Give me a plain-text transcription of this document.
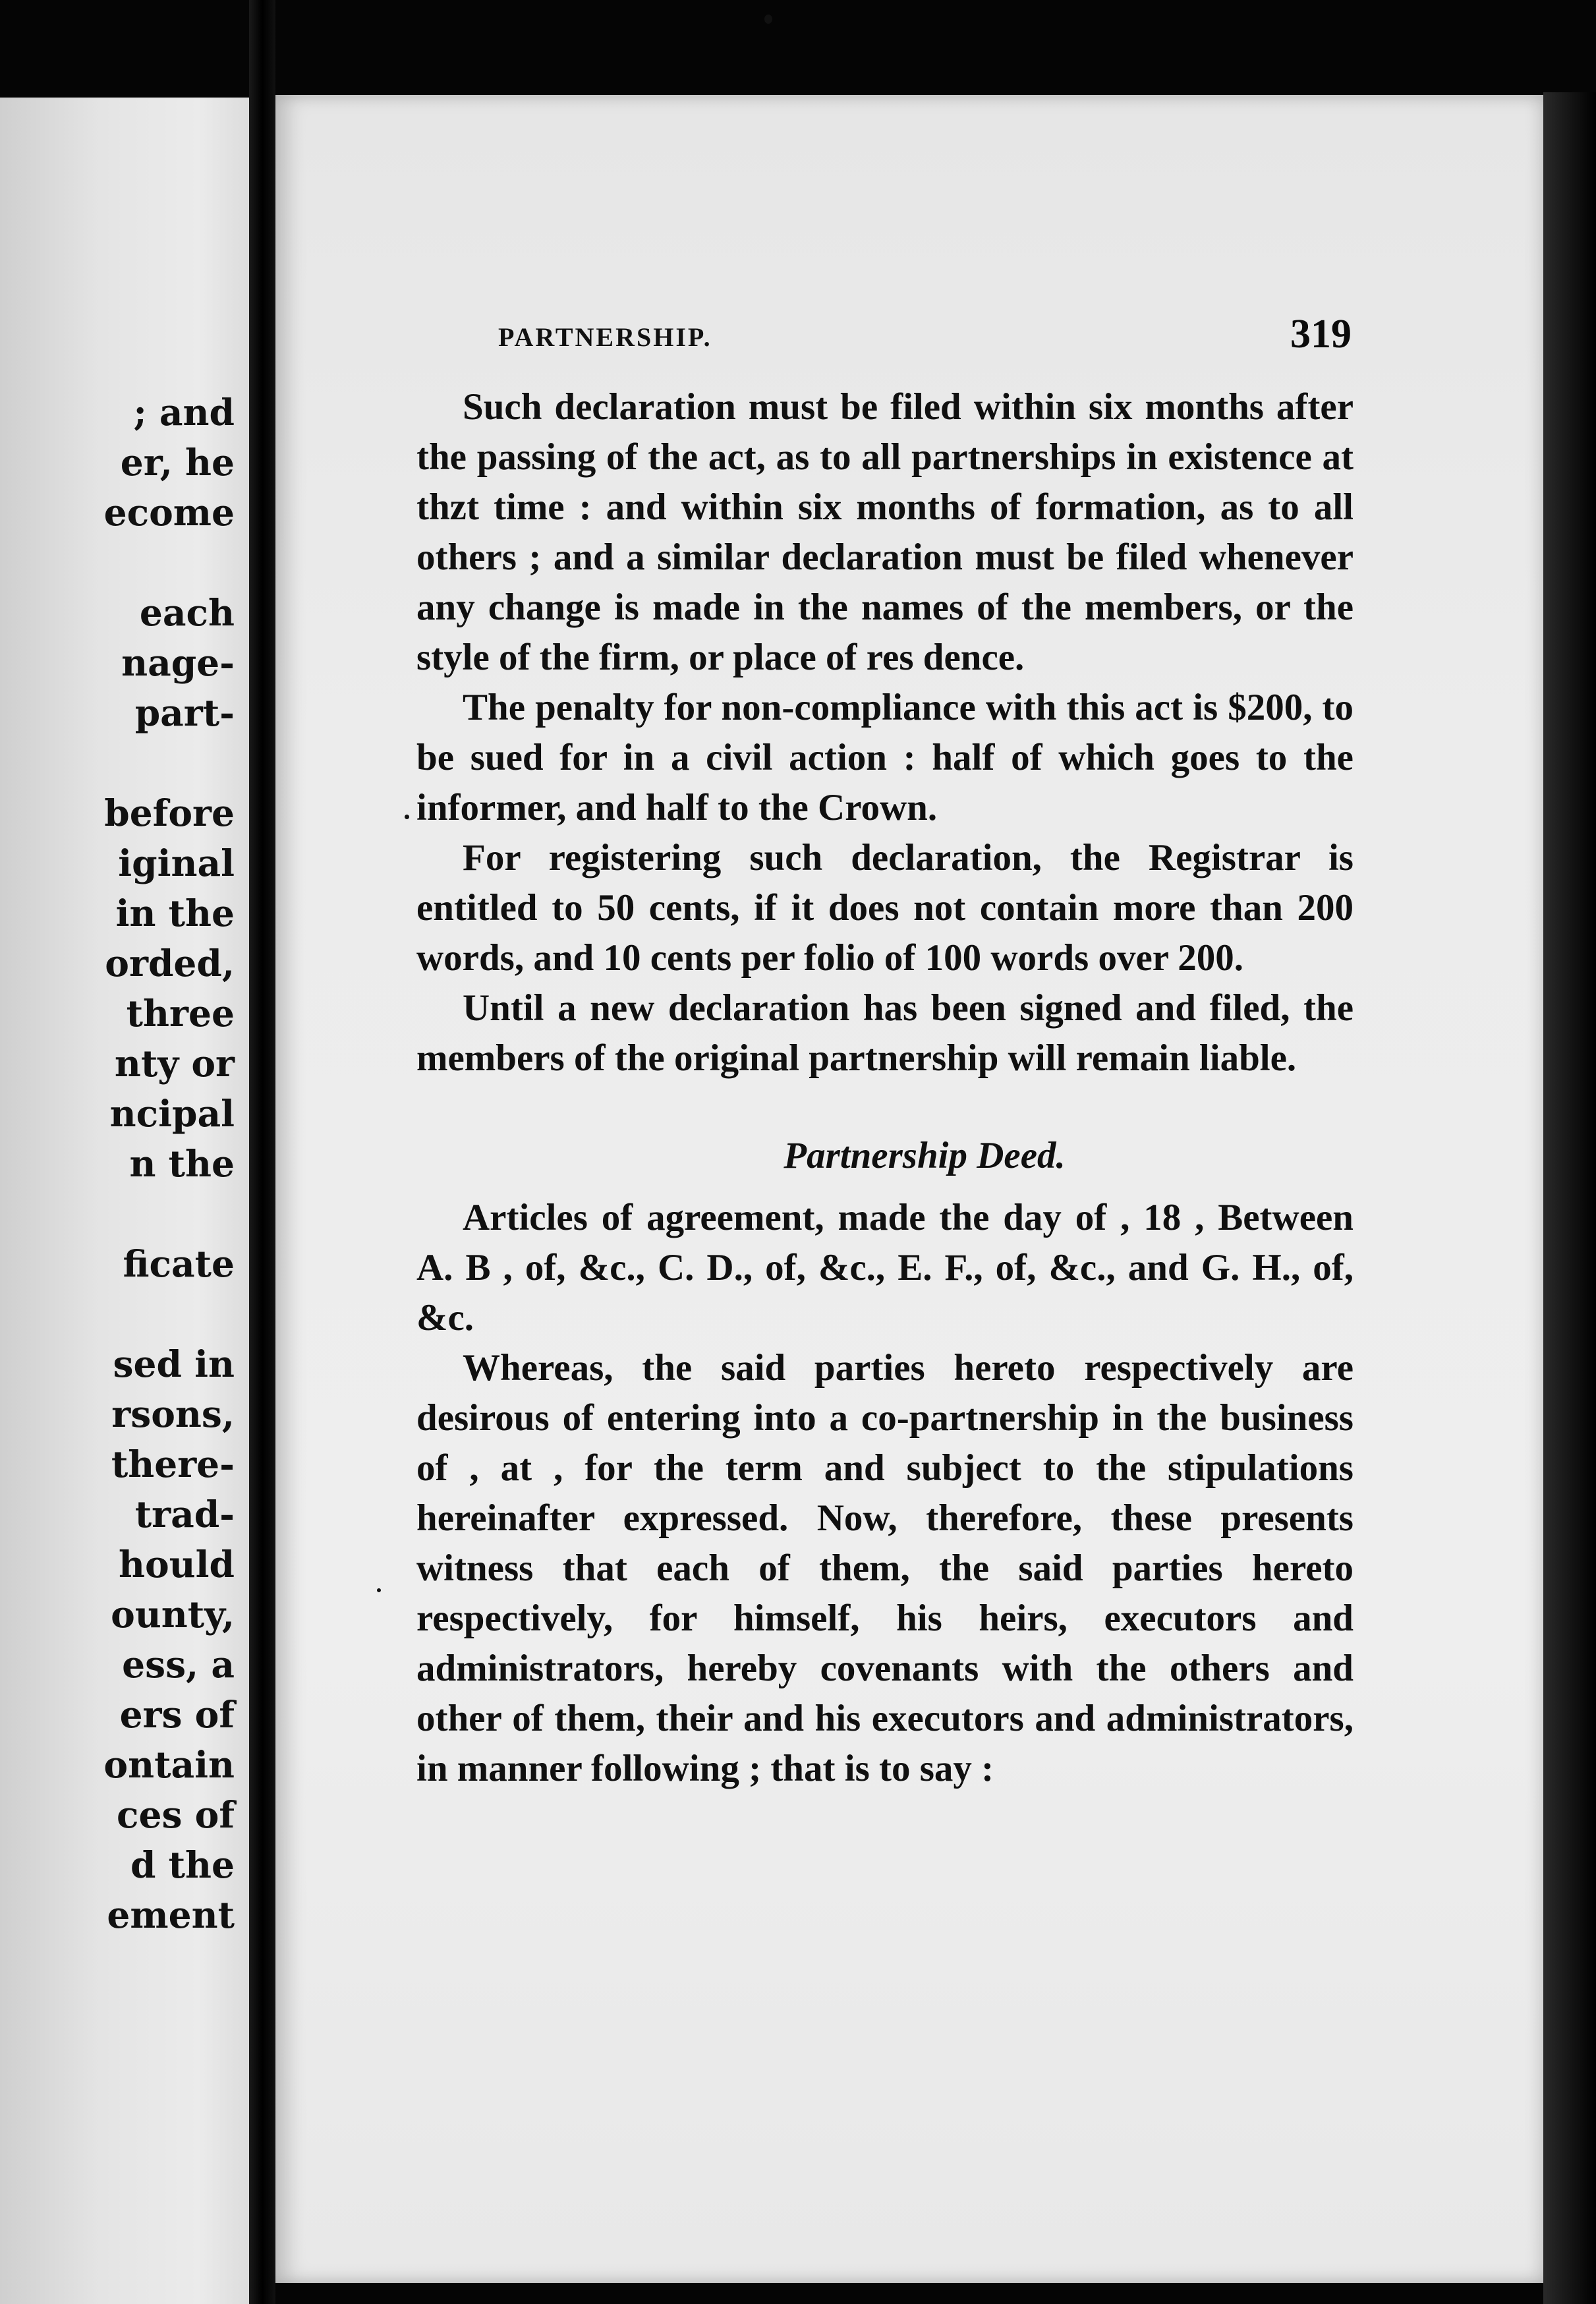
; and
er, he
ecome
each
nage-
part-
before
iginal
in the
orded,
three
nty or
ncipal
n the
ficate
sed in
rsons,
there-
trad-
hould
ounty,
ess, a
ers of
ontain
ces of
d the
ement
PARTNERSHIP.	319

Such declaration must be filed within six months after the passing of the act, as to all partnerships in existence at thzt time : and within six months of formation, as to all others ; and a similar declaration must be filed whenever any change is made in the names of the members, or the style of the firm, or place of res dence.

The penalty for non-compliance with this act is $200, to be sued for in a civil action : half of which goes to the informer, and half to the Crown.

For registering such declaration, the Registrar is entitled to 50 cents, if it does not contain more than 200 words, and 10 cents per folio of 100 words over 200.

Until a new declaration has been signed and filed, the members of the original partnership will remain liable.

Partnership Deed.

Articles of agreement, made the day of , 18 , Between A. B , of, &c., C. D., of, &c., E. F., of, &c., and G. H., of, &c.

Whereas, the said parties hereto respectively are desirous of entering into a co-partnership in the business of , at , for the term and subject to the stipulations hereinafter expressed. Now, therefore, these presents witness that each of them, the said parties hereto respectively, for himself, his heirs, executors and administrators, hereby covenants with the others and other of them, their and his executors and administrators, in manner following ; that is to say :
